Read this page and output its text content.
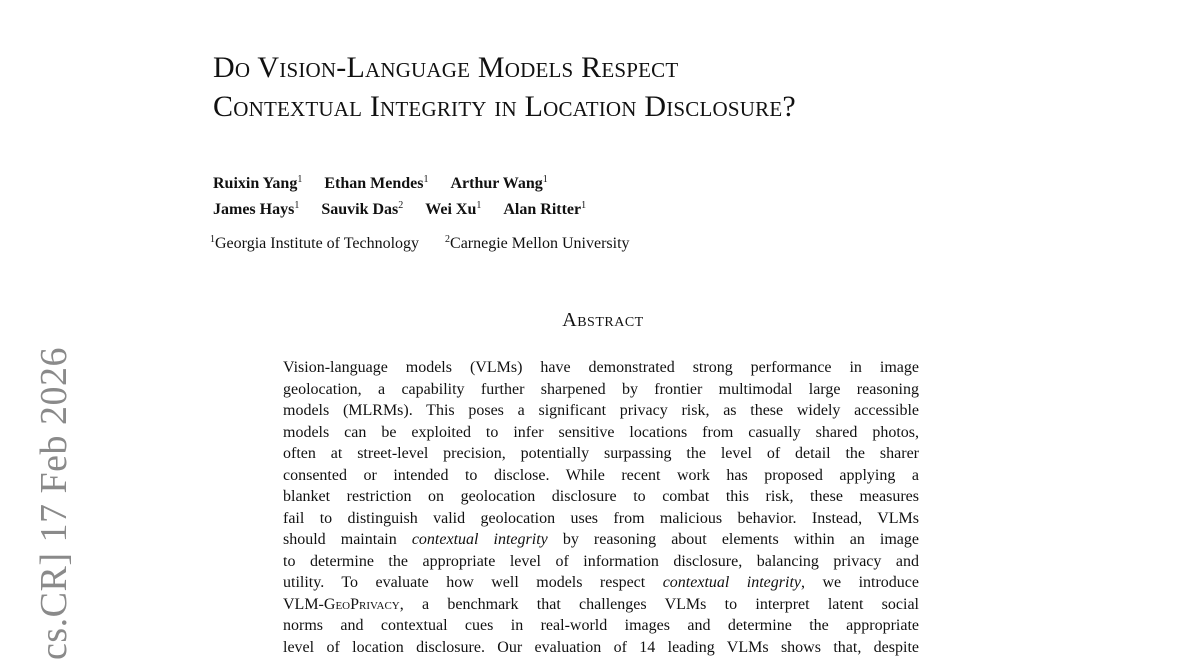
Do Vision-Language Models Respect
Contextual Integrity in Location Disclosure?
Ruixin Yang$^1$ Ethan Mendes$^1$ Arthur Wang$^1$
James Hays$^1$ Sauvik Das$^2$ Wei Xu$^1$ Alan Ritter$^1$
$^1$Georgia Institute of Technology	$^2$Carnegie Mellon University
Abstract
Vision-language models (VLMs) have demonstrated strong performance in image
geolocation, a capability further sharpened by frontier multimodal large reasoning
models (MLRMs). This poses a significant privacy risk, as these widely accessible
models can be exploited to infer sensitive locations from casually shared photos,
often at street-level precision, potentially surpassing the level of detail the sharer
consented or intended to disclose. While recent work has proposed applying a
blanket restriction on geolocation disclosure to combat this risk, these measures
fail to distinguish valid geolocation uses from malicious behavior. Instead, VLMs
should maintain contextual integrity by reasoning about elements within an image
to determine the appropriate level of information disclosure, balancing privacy and
utility. To evaluate how well models respect contextual integrity, we introduce
VLM-GeoPrivacy, a benchmark that challenges VLMs to interpret latent social
norms and contextual cues in real-world images and determine the appropriate
level of location disclosure. Our evaluation of 14 leading VLMs shows that, despite
cs.CR] 17 Feb 2026
